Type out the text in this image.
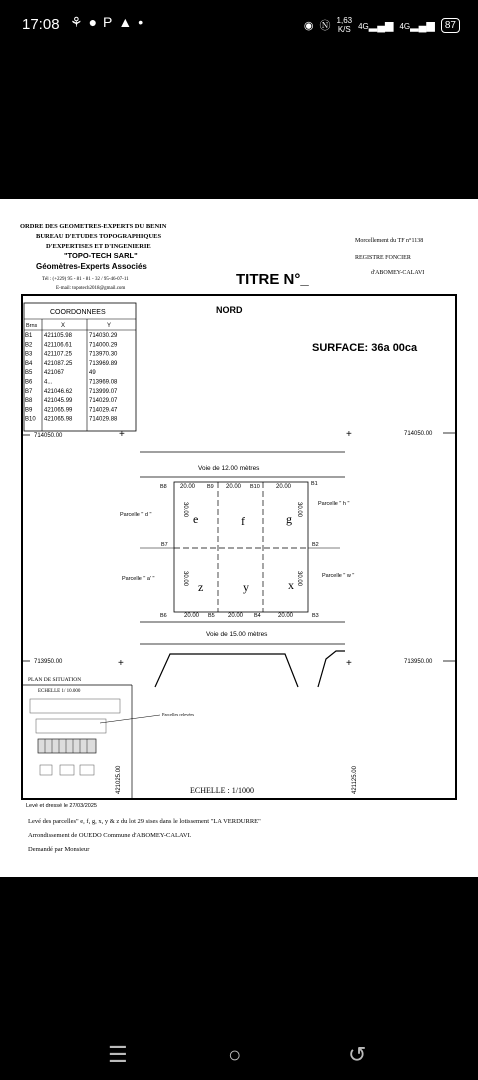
17:08 ⚘●P▲•	◉ Ⓝ 1,63
K/S 4G▂▄▆ 4G▂▄▆	87
ORDRE DES GEOMETRES-EXPERTS DU BENIN
BUREAU D'ETUDES TOPOGRAPHIQUES
D'EXPERTISES ET D'INGENIERIE
"TOPO-TECH SARL"
Géomètres-Experts Associés
Tél : (+229) 95 - 81 - 81 - 32 / 95-46-07-11
E-mail: topotech2018@gmail.com
TITRE N°_
Morcellement du TF n°1138
REGISTRE FONCIER
d'ABOMEY-CALAVI
COORDONNEES
Brns	X	Y
B1 421105.98	714030.29
B2 421106.61	714000.29
B3 421107.25	713970.30
B4 421087.25	713969.89
B5 421067	49
B6 4...	713969.08
B7 421046.62	713999.07
B8 421045.99	714029.07
B9 421065.99	714029.47
B10 421065.98	714029.88
NORD
SURFACE: 36a 00ca
714050.00	+	+	714050.00
Voie de 12.00 mètres
B8 20.00 B9 20.00 B10	20.00	B1
Parcelle " d "
Parcelle " h "
e	f	g
30.00	30.00
B7	B2
Parcelle " a' "	Parcelle " w "
z	y	x
30.00	30.00
B6	20.00 B5 20.00 B4	20.00	B3
Voie de 15.00 mètres
713950.00	+	+	713950.00
PLAN DE SITUATION
ECHELLE 1/ 10.000
Parcelles relevées
421025.00	421125.00
ECHELLE : 1/1000
Levé et dressé le 27/03/2025
Levé des parcelles" e, f, g, x, y & z du lot 29 sises dans le lotissement "LA VERDURRE"
Arrondissement de OUEDO Commune d'ABOMEY-CALAVI.
Demandé par Monsieur
☰	○	↺
